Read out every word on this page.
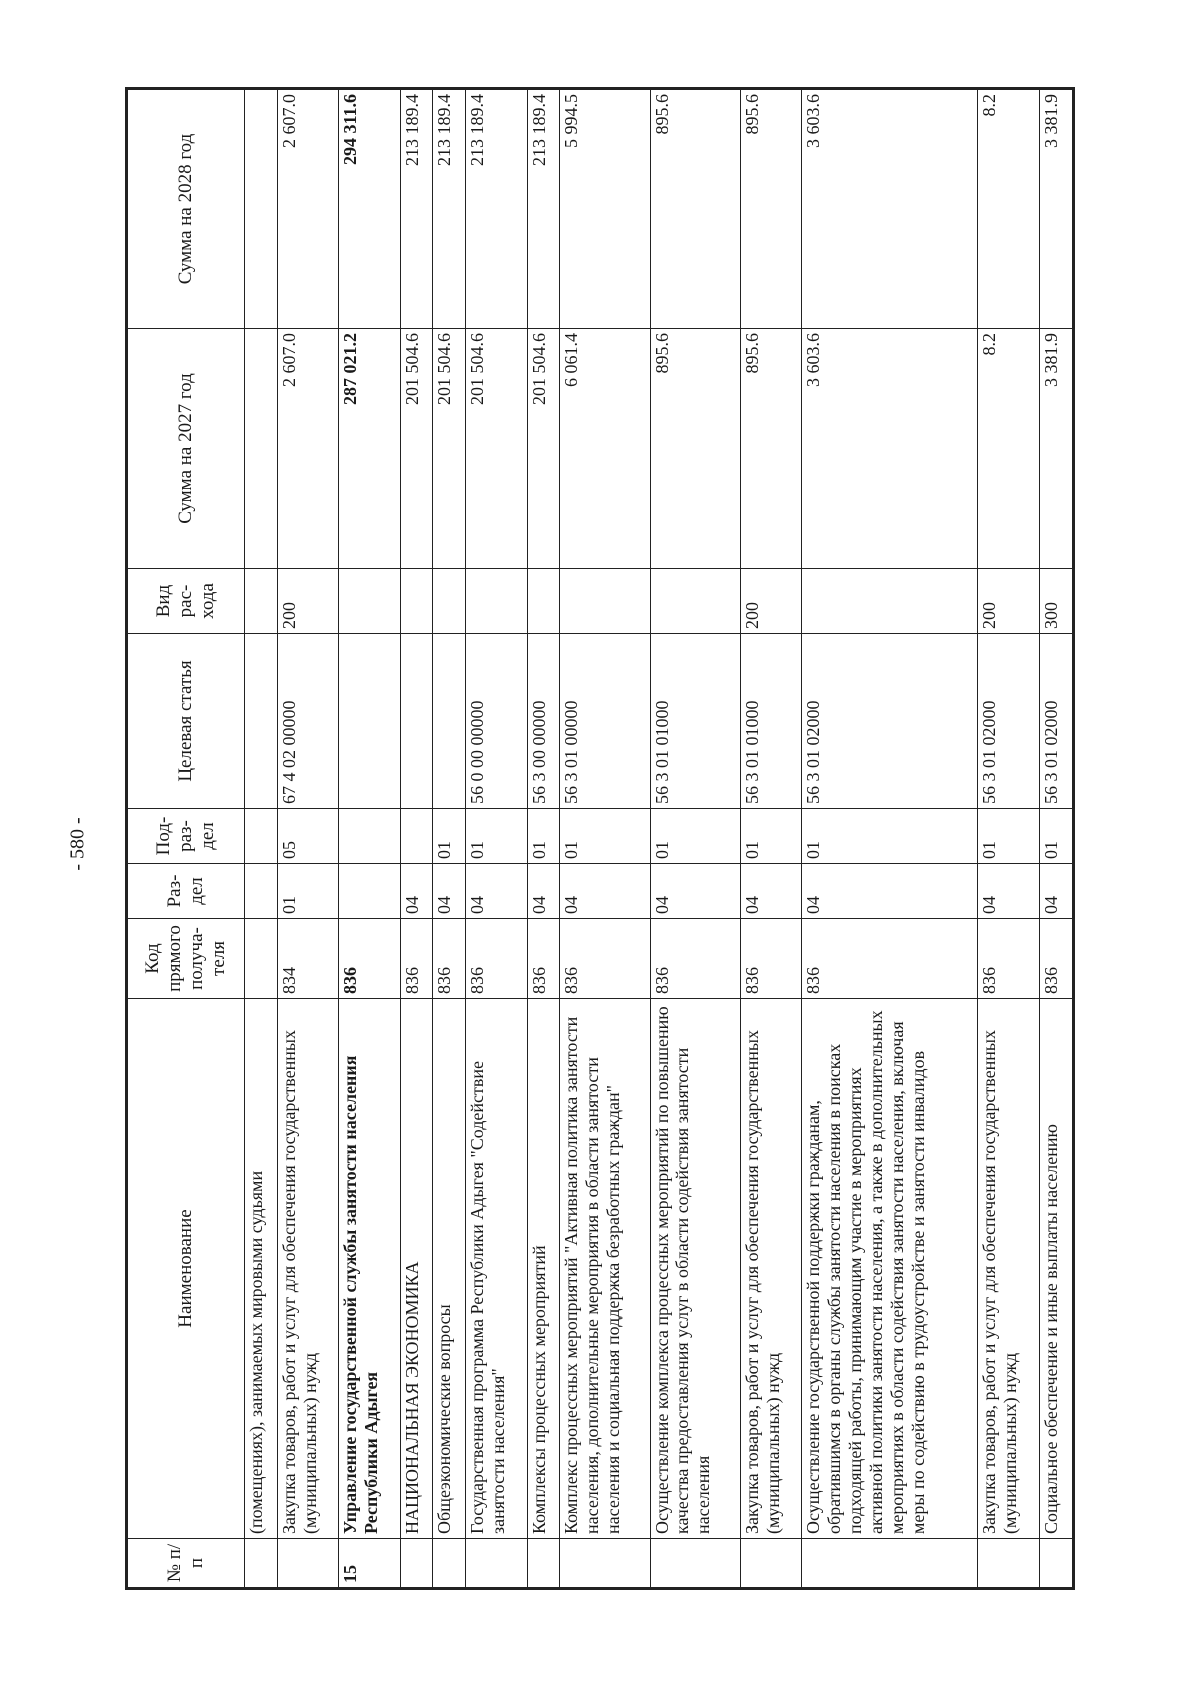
- 580 -
№ п/п	Наименование	Код прямого получа-теля	Раз-дел	Под-раз-дел	Целевая статья	Вид рас-хода	Сумма на 2027 год	Сумма на 2028 год
	(помещениях), занимаемых мировыми судьями							
	Закупка товаров, работ и услуг для обеспечения государственных (муниципальных) нужд	834	01	05	67 4 02 00000	200	2 607.0	2 607.0
15	Управление государственной службы занятости населения Республики Адыгея	836					287 021.2	294 311.6
	НАЦИОНАЛЬНАЯ ЭКОНОМИКА	836	04				201 504.6	213 189.4
	Общеэкономические вопросы	836	04	01			201 504.6	213 189.4
	Государственная программа Республики Адыгея "Содействие занятости населения"	836	04	01	56 0 00 00000		201 504.6	213 189.4
	Комплексы процессных мероприятий	836	04	01	56 3 00 00000		201 504.6	213 189.4
	Комплекс процессных мероприятий "Активная политика занятости населения, дополнительные мероприятия в области занятости населения и социальная поддержка безработных граждан"	836	04	01	56 3 01 00000		6 061.4	5 994.5
	Осуществление комплекса процессных мероприятий по повышению качества предоставления услуг в области содействия занятости населения	836	04	01	56 3 01 01000		895.6	895.6
	Закупка товаров, работ и услуг для обеспечения государственных (муниципальных) нужд	836	04	01	56 3 01 01000	200	895.6	895.6
	Осуществление государственной поддержки гражданам, обратившимся в органы службы занятости населения в поисках подходящей работы, принимающим участие в мероприятиях активной политики занятости населения, а также в дополнительных мероприятиях в области содействия занятости населения, включая меры по содействию в трудоустройстве и занятости инвалидов	836	04	01	56 3 01 02000		3 603.6	3 603.6
	Закупка товаров, работ и услуг для обеспечения государственных (муниципальных) нужд	836	04	01	56 3 01 02000	200	8.2	8.2
	Социальное обеспечение и иные выплаты населению	836	04	01	56 3 01 02000	300	3 381.9	3 381.9
